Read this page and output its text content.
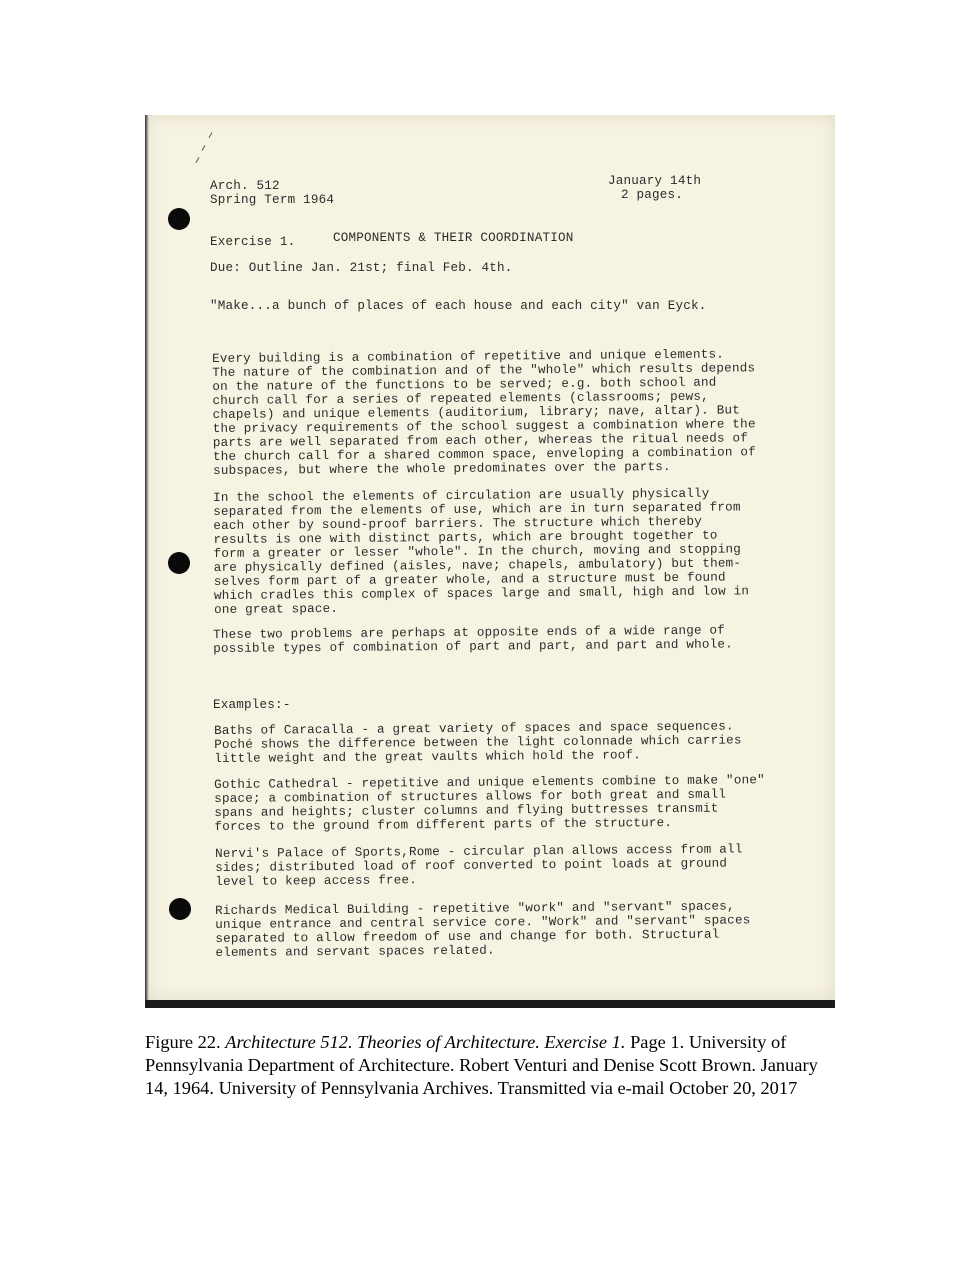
Arch. 512
Spring Term 1964
January 14th
2 pages.
Exercise 1.	COMPONENTS & THEIR COORDINATION
Due: Outline Jan. 21st; final Feb. 4th.
"Make...a bunch of places of each house and each city" van Eyck.
Every building is a combination of repetitive and unique elements.
The nature of the combination and of the "whole" which results depends
on the nature of the functions to be served; e.g. both school and
church call for a series of repeated elements (classrooms; pews,
chapels) and unique elements (auditorium, library; nave, altar). But
the privacy requirements of the school suggest a combination where the
parts are well separated from each other, whereas the ritual needs of
the church call for a shared common space, enveloping a combination of
subspaces, but where the whole predominates over the parts.
In the school the elements of circulation are usually physically
separated from the elements of use, which are in turn separated from
each other by sound-proof barriers. The structure which thereby
results is one with distinct parts, which are brought together to
form a greater or lesser "whole". In the church, moving and stopping
are physically defined (aisles, nave; chapels, ambulatory) but them-
selves form part of a greater whole, and a structure must be found
which cradles this complex of spaces large and small, high and low in
one great space.
These two problems are perhaps at opposite ends of a wide range of
possible types of combination of part and part, and part and whole.
Examples:-
Baths of Caracalla - a great variety of spaces and space sequences.
Poché shows the difference between the light colonnade which carries
little weight and the great vaults which hold the roof.
Gothic Cathedral - repetitive and unique elements combine to make "one"
space; a combination of structures allows for both great and small
spans and heights; cluster columns and flying buttresses transmit
forces to the ground from different parts of the structure.
Nervi's Palace of Sports,Rome - circular plan allows access from all
sides; distributed load of roof converted to point loads at ground
level to keep access free.
Richards Medical Building - repetitive "work" and "servant" spaces,
unique entrance and central service core. "Work" and "servant" spaces
separated to allow freedom of use and change for both. Structural
elements and servant spaces related.
Figure 22. Architecture 512. Theories of Architecture. Exercise 1. Page 1. University of Pennsylvania Department of Architecture. Robert Venturi and Denise Scott Brown. January 14, 1964. University of Pennsylvania Archives. Transmitted via e-mail October 20, 2017
